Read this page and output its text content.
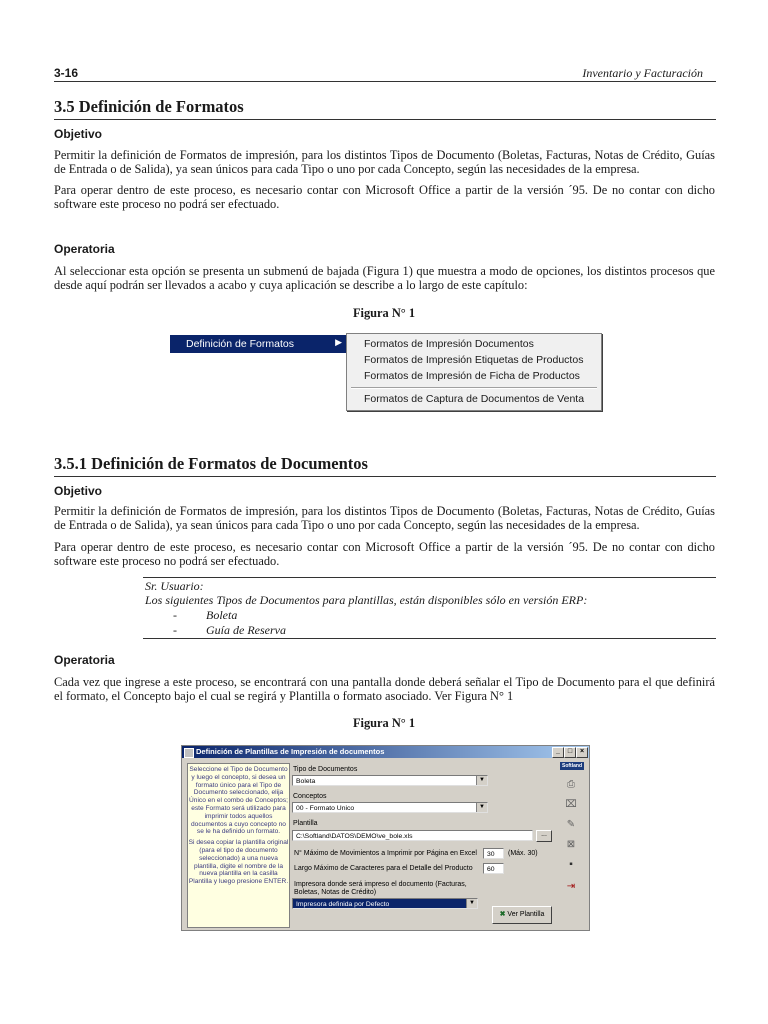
3-16	Inventario y Facturación
3.5 Definición de Formatos
Objetivo
Permitir la definición de Formatos de impresión, para los distintos Tipos de Documento (Boletas, Facturas, Notas de Crédito, Guías de Entrada o de Salida), ya sean únicos para cada Tipo o uno por cada Concepto, según las necesidades de la empresa.
Para operar dentro de este proceso, es necesario contar con Microsoft Office a partir de la versión ´95. De no contar con dicho software este proceso no podrá ser efectuado.
Operatoria
Al seleccionar esta opción se presenta un submenú de bajada (Figura 1) que muestra a modo de opciones, los distintos procesos que desde aquí podrán ser llevados a acabo y cuya aplicación se describe a lo largo de este capítulo:
Figura N° 1
Definición de Formatos	▶ Formatos de Impresión Documentos
Formatos de Impresión Etiquetas de Productos
Formatos de Impresión de Ficha de Productos
Formatos de Captura de Documentos de Venta
3.5.1 Definición de Formatos de Documentos
Objetivo
Permitir la definición de Formatos de impresión, para los distintos Tipos de Documento (Boletas, Facturas, Notas de Crédito, Guías de Entrada o de Salida), ya sean únicos para cada Tipo o uno por cada Concepto, según las necesidades de la empresa.
Para operar dentro de este proceso, es necesario contar con Microsoft Office a partir de la versión ´95. De no contar con dicho software este proceso no podrá ser efectuado.
Sr. Usuario:
Los siguientes Tipos de Documentos para plantillas, están disponibles sólo en versión ERP:
- Boleta
- Guía de Reserva
Operatoria
Cada vez que ingrese a este proceso, se encontrará con una pantalla donde deberá señalar el Tipo de Documento para el que definirá el formato, el Concepto bajo el cual se regirá y Plantilla o formato asociado. Ver Figura N° 1
Figura N° 1
Definición de Plantillas de Impresión de documentos	_	□	×

Seleccione el Tipo de Documento y luego el concepto, si desea un formato único para el Tipo de Documento seleccionado, elija Único en el combo de Conceptos; este Formato será utilizado para imprimir todos aquellos documentos a cuyo concepto no se le ha definido un formato.

Si desea copiar la plantilla original (para el tipo de documento seleccionado) a una nueva plantilla, digite el nombre de la nueva plantilla en la casilla Plantilla y luego presione ENTER.

Tipo de Documentos
Boleta	▼
Conceptos
00 - Formato Unico	▼
Plantilla
C:\Softland\DATOS\DEMO\ve_bole.xls	...
N° Máximo de Movimientos a Imprimir por Página en Excel	30	(Máx. 30)
Largo Máximo de Caracteres para el Detalle del Producto	60
Impresora donde será impreso el documento (Facturas, Boletas, Notas de Crédito)
Impresora definida por Defecto	▼
✖ Ver Plantilla
Softland
⎙
⌧
✎
⊠
▪
⇥
